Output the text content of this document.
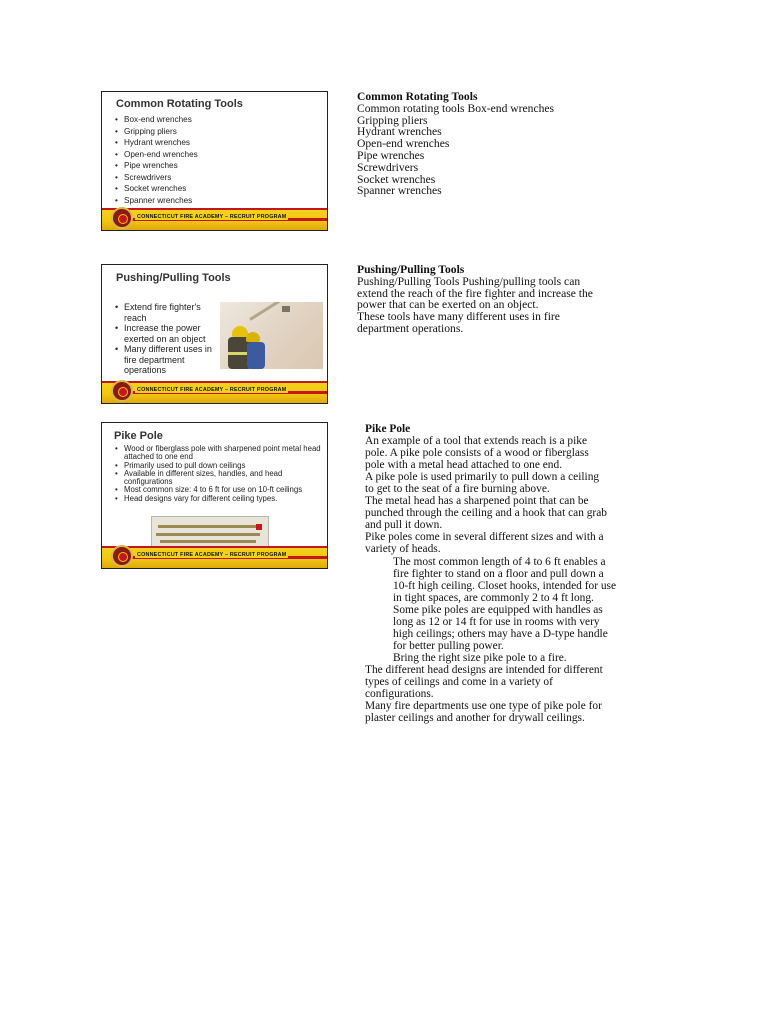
Common Rotating Tools
• Box-end wrenches
• Gripping pliers
• Hydrant wrenches
• Open-end wrenches
• Pipe wrenches
• Screwdrivers
• Socket wrenches
• Spanner wrenches
CONNECTICUT FIRE ACADEMY – RECRUIT PROGRAM
Pushing/Pulling Tools
• Extend fire fighter's reach
• Increase the power exerted on an object
• Many different uses in fire department operations
CONNECTICUT FIRE ACADEMY – RECRUIT PROGRAM
Pike Pole
• Wood or fiberglass pole with sharpened point metal head attached to one end
• Primarily used to pull down ceilings
• Available in different sizes, handles, and head configurations
• Most common size: 4 to 6 ft for use on 10-ft ceilings
• Head designs vary for different ceiling types.
CONNECTICUT FIRE ACADEMY – RECRUIT PROGRAM
Common Rotating Tools
Common rotating tools Box-end wrenches
Gripping pliers
Hydrant wrenches
Open-end wrenches
Pipe wrenches
Screwdrivers
Socket wrenches
Spanner wrenches
Pushing/Pulling Tools
Pushing/Pulling Tools Pushing/pulling tools can
extend the reach of the fire fighter and increase the
power that can be exerted on an object.
These tools have many different uses in fire
department operations.
Pike Pole
An example of a tool that extends reach is a pike
pole. A pike pole consists of a wood or fiberglass
pole with a metal head attached to one end.
A pike pole is used primarily to pull down a ceiling
to get to the seat of a fire burning above.
The metal head has a sharpened point that can be
punched through the ceiling and a hook that can grab
and pull it down.
Pike poles come in several different sizes and with a
variety of heads.
The most common length of 4 to 6 ft enables a
fire fighter to stand on a floor and pull down a
10-ft high ceiling. Closet hooks, intended for use
in tight spaces, are commonly 2 to 4 ft long.
Some pike poles are equipped with handles as
long as 12 or 14 ft for use in rooms with very
high ceilings; others may have a D-type handle
for better pulling power.
Bring the right size pike pole to a fire.
The different head designs are intended for different
types of ceilings and come in a variety of
configurations.
Many fire departments use one type of pike pole for
plaster ceilings and another for drywall ceilings.
